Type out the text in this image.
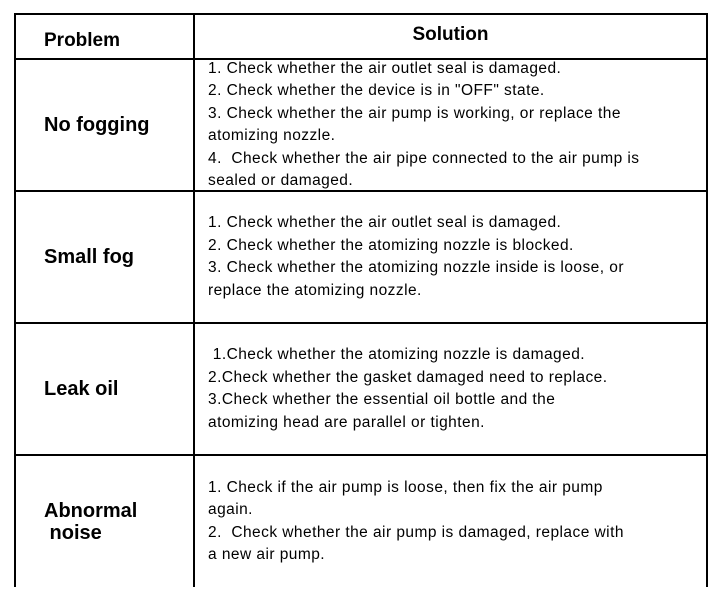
Problem	Solution
No fogging
1. Check whether the air outlet seal is damaged.
2. Check whether the device is in "OFF" state.
3. Check whether the air pump is working, or replace the
atomizing nozzle.
4.  Check whether the air pipe connected to the air pump is
sealed or damaged.
Small fog
1. Check whether the air outlet seal is damaged.
2. Check whether the atomizing nozzle is blocked.
3. Check whether the atomizing nozzle inside is loose, or
replace the atomizing nozzle.
Leak oil
1.Check whether the atomizing nozzle is damaged.
2.Check whether the gasket damaged need to replace.
3.Check whether the essential oil bottle and the
atomizing head are parallel or tighten.
Abnormal
noise
1. Check if the air pump is loose, then fix the air pump
again.
2.  Check whether the air pump is damaged, replace with
a new air pump.
